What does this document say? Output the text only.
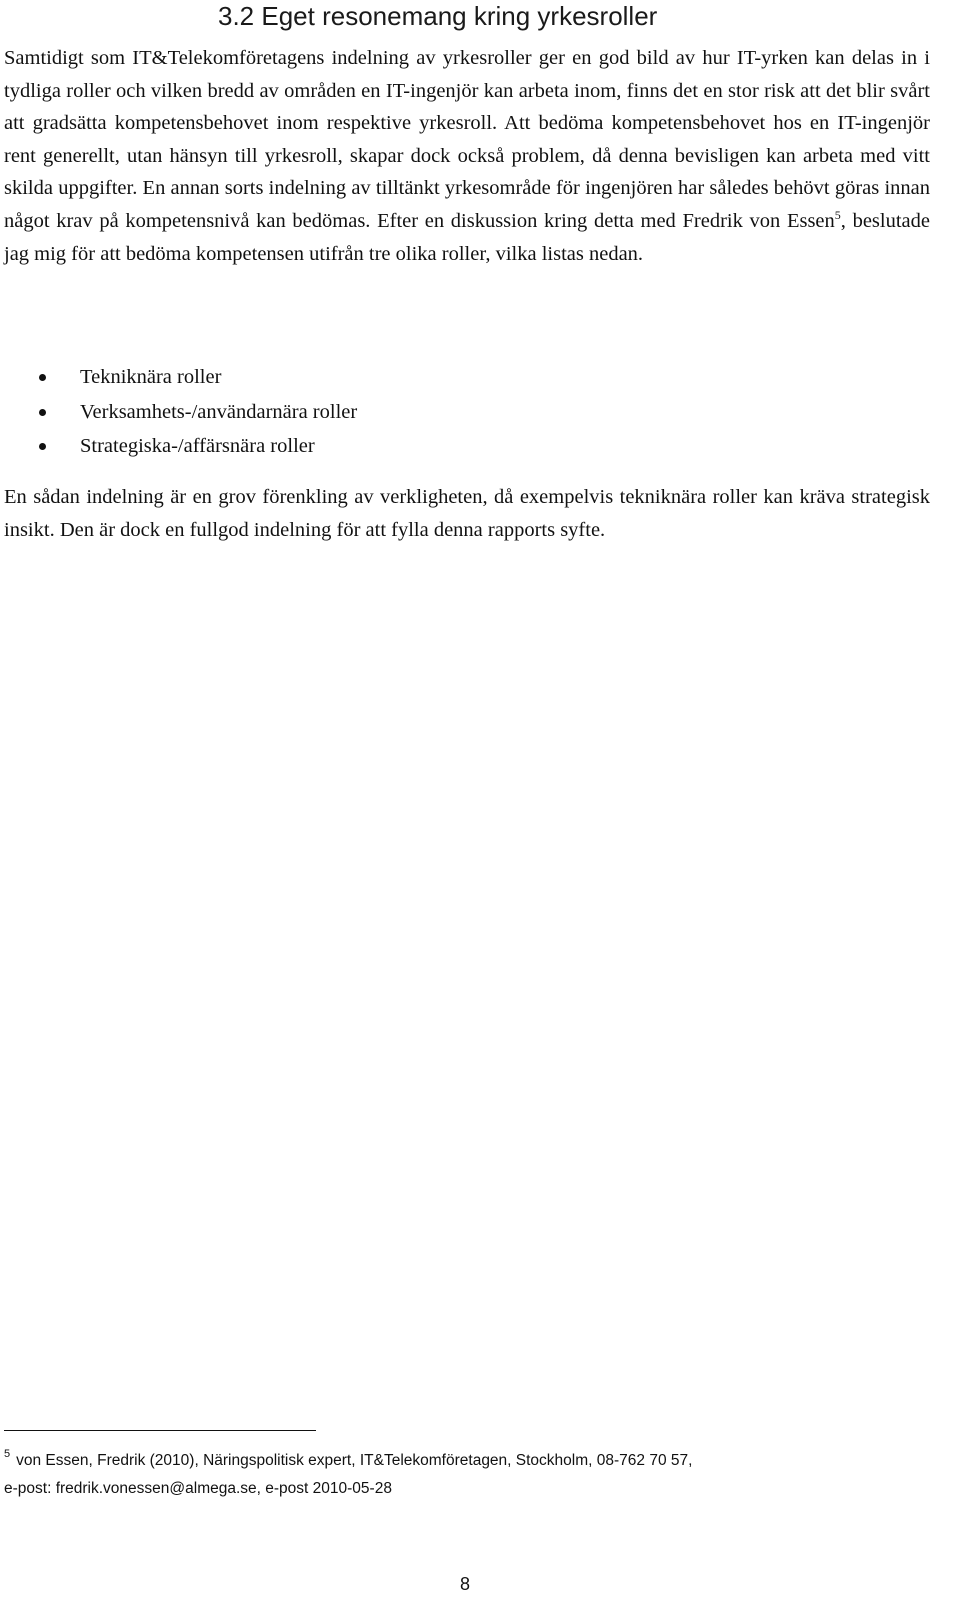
3.2 Eget resonemang kring yrkesroller

Samtidigt som IT&Telekomföretagens indelning av yrkesroller ger en god bild av hur IT-yrken kan delas in i tydliga roller och vilken bredd av områden en IT-ingenjör kan arbeta inom, finns det en stor risk att det blir svårt att gradsätta kompetensbehovet inom respektive yrkesroll. Att bedöma kompetensbehovet hos en IT-ingenjör rent generellt, utan hänsyn till yrkesroll, skapar dock också problem, då denna bevisligen kan arbeta med vitt skilda uppgifter. En annan sorts indelning av tilltänkt yrkesområde för ingenjören har således behövt göras innan något krav på kompetensnivå kan bedömas. Efter en diskussion kring detta med Fredrik von Essen$^5$, beslutade jag mig för att bedöma kompetensen utifrån tre olika roller, vilka listas nedan.

Tekniknära roller
Verksamhets-/användarnära roller
Strategiska-/affärsnära roller

En sådan indelning är en grov förenkling av verkligheten, då exempelvis tekniknära roller kan kräva strategisk insikt. Den är dock en fullgod indelning för att fylla denna rapports syfte.

5 von Essen, Fredrik (2010), Näringspolitisk expert, IT&Telekomföretagen, Stockholm, 08-762 70 57,
e-post: fredrik.vonessen@almega.se, e-post 2010-05-28
8
